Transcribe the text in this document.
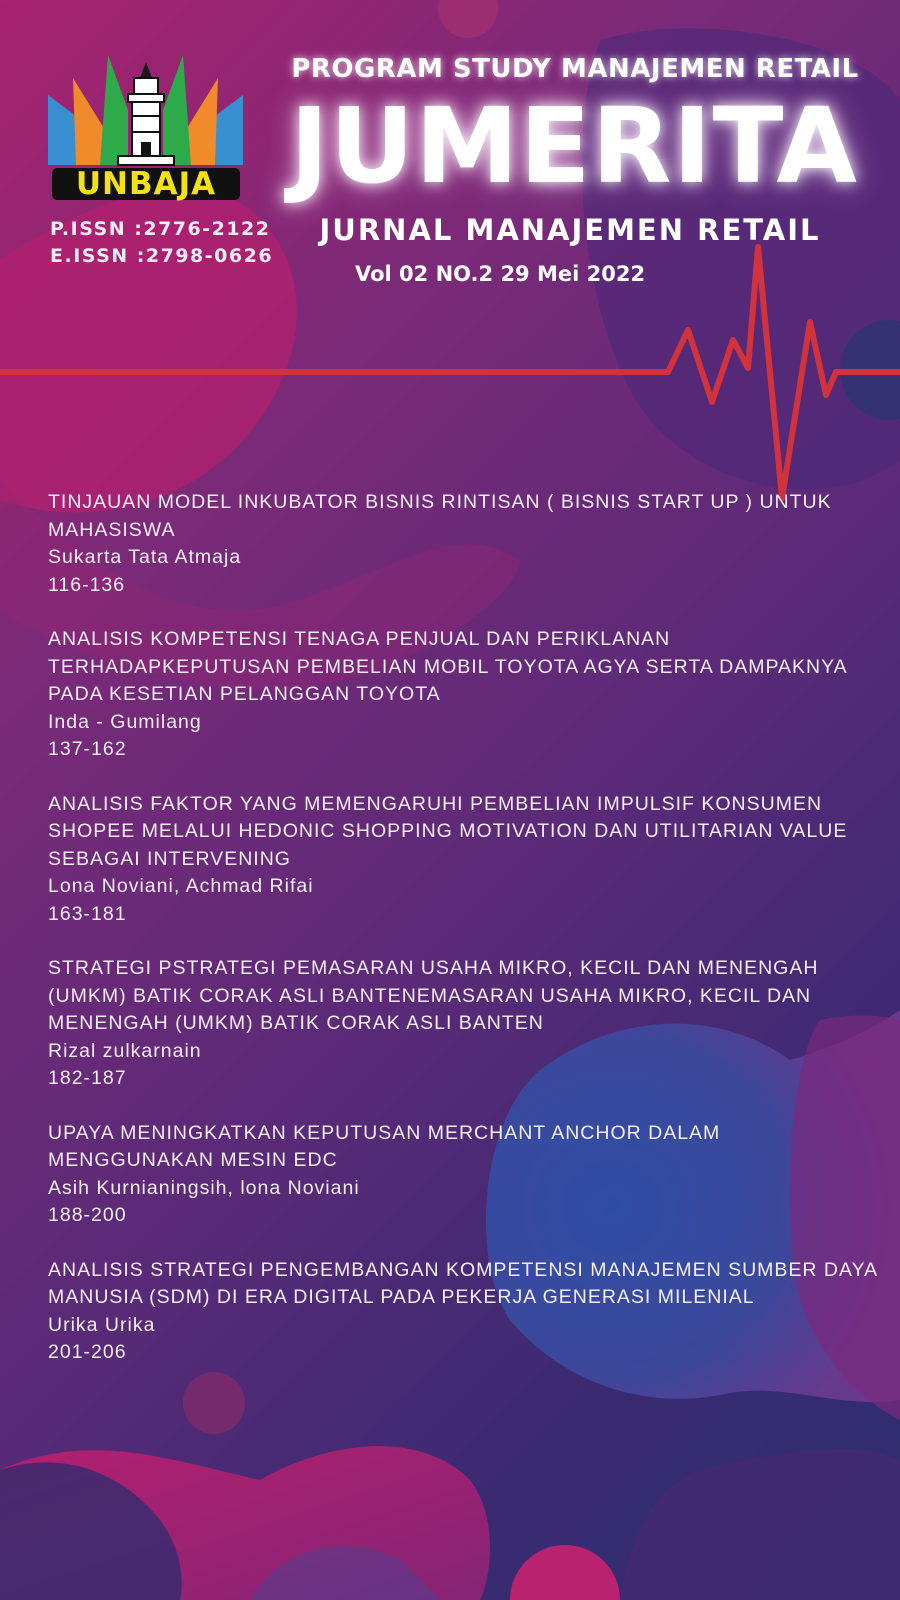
UNBAJA
P.ISSN :2776-2122
E.ISSN :2798-0626
PROGRAM STUDY MANAJEMEN RETAIL
JUMERITA
JURNAL MANAJEMEN RETAIL
Vol 02 NO.2 29 Mei 2022
TINJAUAN MODEL INKUBATOR BISNIS RINTISAN ( BISNIS START UP ) UNTUK MAHASISWA
Sukarta Tata Atmaja
116-136
ANALISIS KOMPETENSI TENAGA PENJUAL DAN PERIKLANAN TERHADAPKEPUTUSAN PEMBELIAN MOBIL TOYOTA AGYA SERTA DAMPAKNYA PADA KESETIAN PELANGGAN TOYOTA
Inda - Gumilang
137-162
ANALISIS FAKTOR YANG MEMENGARUHI PEMBELIAN IMPULSIF KONSUMEN SHOPEE MELALUI HEDONIC SHOPPING MOTIVATION DAN UTILITARIAN VALUE SEBAGAI INTERVENING
Lona Noviani, Achmad Rifai
163-181
STRATEGI PSTRATEGI PEMASARAN USAHA MIKRO, KECIL DAN MENENGAH (UMKM) BATIK CORAK ASLI BANTENEMASARAN USAHA MIKRO, KECIL DAN MENENGAH (UMKM) BATIK CORAK ASLI BANTEN
Rizal zulkarnain
182-187
UPAYA MENINGKATKAN KEPUTUSAN MERCHANT ANCHOR DALAM MENGGUNAKAN MESIN EDC
Asih Kurnianingsih, lona Noviani
188-200
ANALISIS STRATEGI PENGEMBANGAN KOMPETENSI MANAJEMEN SUMBER DAYA MANUSIA (SDM) DI ERA DIGITAL PADA PEKERJA GENERASI MILENIAL
Urika Urika
201-206
